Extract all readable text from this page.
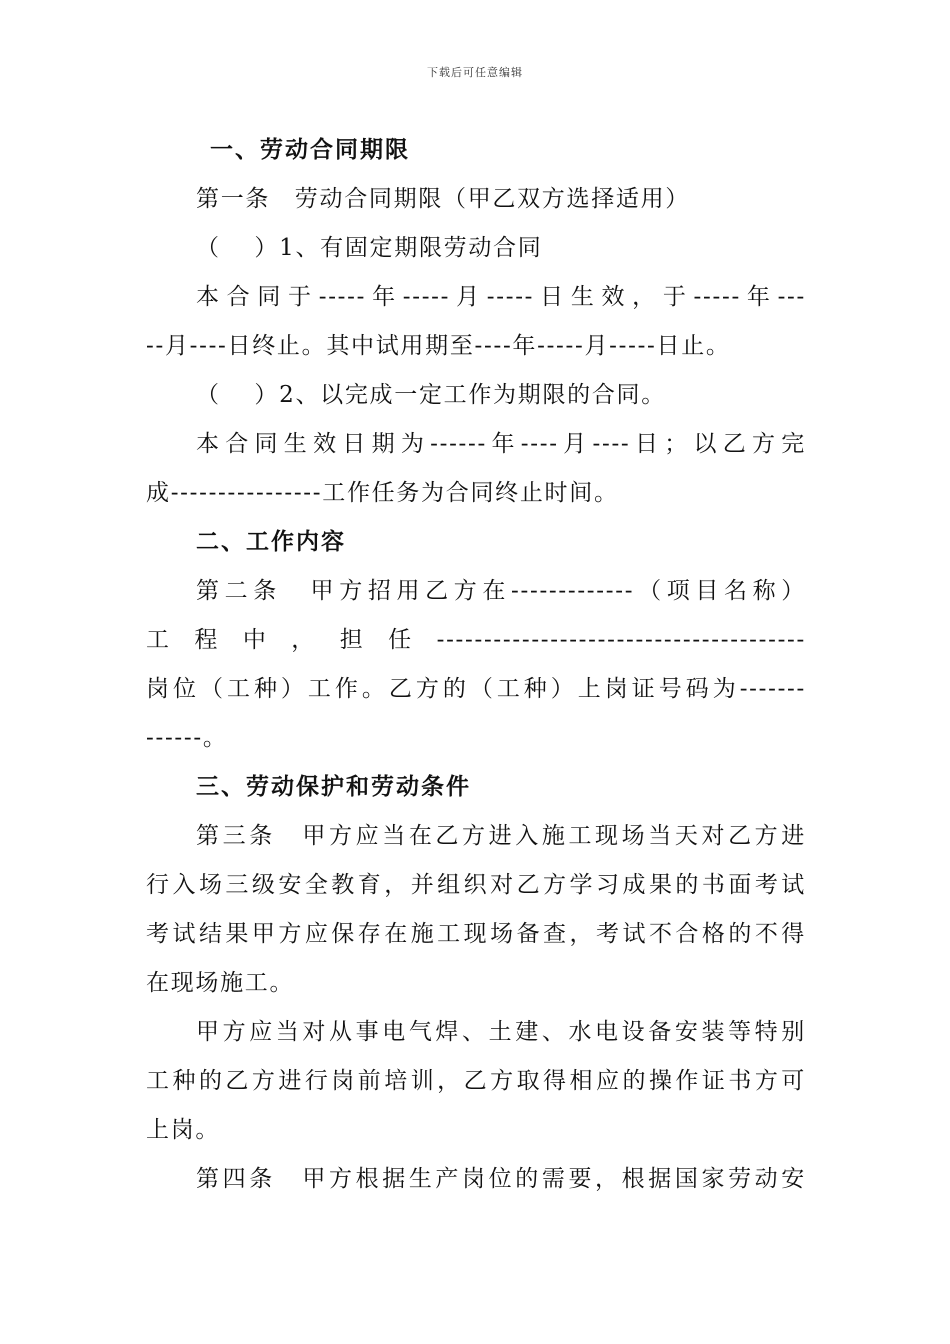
下载后可任意编辑
一、劳动合同期限
第一条　劳动合同期限（甲乙双方选择适用）
（　 ）1、有固定期限劳动合同
本合同于-----年-----月-----日生效，于-----年---
--月----日终止。其中试用期至----年-----月-----日止。
（　 ）2、以完成一定工作为期限的合同。
本合同生效日期为------年----月----日；以乙方完
成----------------工作任务为合同终止时间。
二、工作内容
第二条　甲方招用乙方在-------------（项目名称）
工程中，担任---------------------------------------
岗位（工种）工作。乙方的（工种）上岗证号码为-------
------。
三、劳动保护和劳动条件
第三条　甲方应当在乙方进入施工现场当天对乙方进
行入场三级安全教育，并组织对乙方学习成果的书面考试
考试结果甲方应保存在施工现场备查，考试不合格的不得
在现场施工。
甲方应当对从事电气焊、土建、水电设备安装等特别
工种的乙方进行岗前培训，乙方取得相应的操作证书方可
上岗。
第四条　甲方根据生产岗位的需要，根据国家劳动安
